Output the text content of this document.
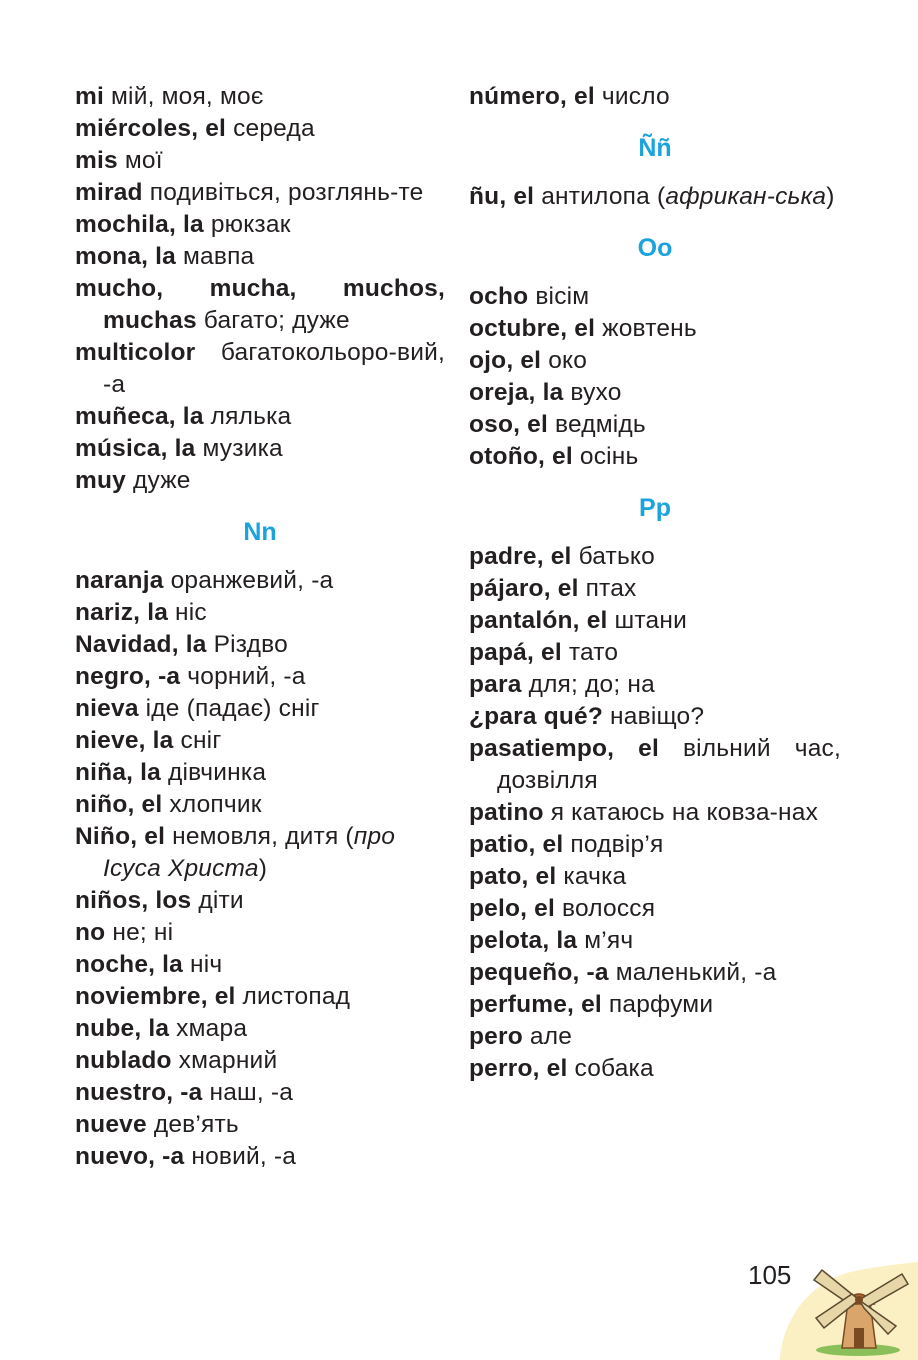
mi мій, моя, моє
miércoles, el середа
mis мої
mirad подивіться, розглянь-те
mochila, la рюкзак
mona, la мавпа
mucho, mucha, muchos, muchas багато; дуже
multicolor багатокольоро-вий, -а
muñeca, la лялька
música, la музика
muy дуже
Nn
naranja оранжевий, -а
nariz, la ніс
Navidad, la Різдво
negro, -a чорний, -а
nieva іде (падає) сніг
nieve, la сніг
niña, la дівчинка
niño, el хлопчик
Niño, el немовля, дитя (про Ісуса Христа)
niños, los діти
no не; ні
noche, la ніч
noviembre, el листопад
nube, la хмара
nublado хмарний
nuestro, -a наш, -а
nueve дев’ять
nuevo, -a новий, -а
número, el число
Ññ
ñu, el антилопа (африкан-ська)
Oo
ocho вісім
octubre, el жовтень
ojo, el око
oreja, la вухо
oso, el ведмідь
otoño, el осінь
Pp
padre, el батько
pájaro, el птах
pantalón, el штани
papá, el тато
para для; до; на
¿para qué? навіщо?
pasatiempo, el вільний час, дозвілля
patino я катаюсь на ковза-нах
patio, el подвір’я
pato, el качка
pelo, el волосся
pelota, la м’яч
pequeño, -a маленький, -а
perfume, el парфуми
pero але
perro, el собака
105
